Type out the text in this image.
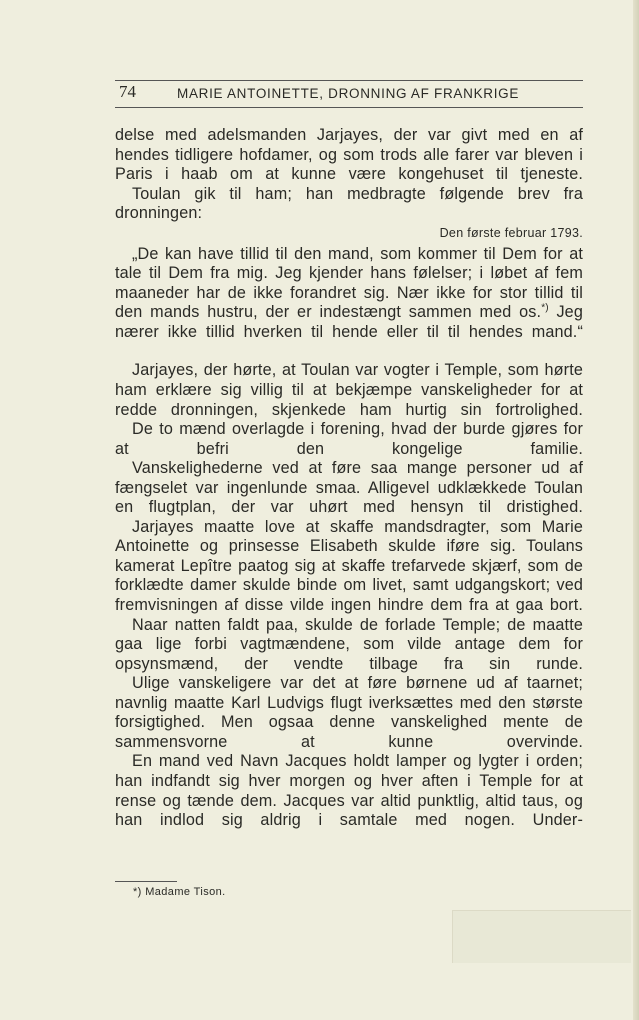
74	MARIE ANTOINETTE, DRONNING AF FRANKRIGE

delse med adelsmanden Jarjayes, der var givt med en af hendes tidligere hofdamer, og som trods alle farer var bleven i Paris i haab om at kunne være kongehuset til tjeneste.

Toulan gik til ham; han medbragte følgende brev fra dronningen:

Den første februar 1793.

„De kan have tillid til den mand, som kommer til Dem for at tale til Dem fra mig. Jeg kjender hans følelser; i løbet af fem maaneder har de ikke forandret sig. Nær ikke for stor tillid til den mands hustru, der er indestængt sammen med os.*) Jeg nærer ikke tillid hverken til hende eller til til hendes mand.“

Jarjayes, der hørte, at Toulan var vogter i Temple, som hørte ham erklære sig villig til at bekjæmpe vanskeligheder for at redde dronningen, skjenkede ham hurtig sin fortrolighed.

De to mænd overlagde i forening, hvad der burde gjøres for at befri den kongelige familie.

Vanskelighederne ved at føre saa mange personer ud af fængselet var ingenlunde smaa. Alligevel udklækkede Toulan en flugtplan, der var uhørt med hensyn til dristighed.

Jarjayes maatte love at skaffe mandsdragter, som Marie Antoinette og prinsesse Elisabeth skulde iføre sig. Toulans kamerat Lepître paatog sig at skaffe trefarvede skjærf, som de forklædte damer skulde binde om livet, samt udgangskort; ved fremvisningen af disse vilde ingen hindre dem fra at gaa bort.

Naar natten faldt paa, skulde de forlade Temple; de maatte gaa lige forbi vagtmændene, som vilde antage dem for opsynsmænd, der vendte tilbage fra sin runde.

Ulige vanskeligere var det at føre børnene ud af taarnet; navnlig maatte Karl Ludvigs flugt iverksættes med den største forsigtighed. Men ogsaa denne vanskelighed mente de sammensvorne at kunne overvinde.

En mand ved Navn Jacques holdt lamper og lygter i orden; han indfandt sig hver morgen og hver aften i Temple for at rense og tænde dem. Jacques var altid punktlig, altid taus, og han indlod sig aldrig i samtale med nogen. Under-

*) Madame Tison.
